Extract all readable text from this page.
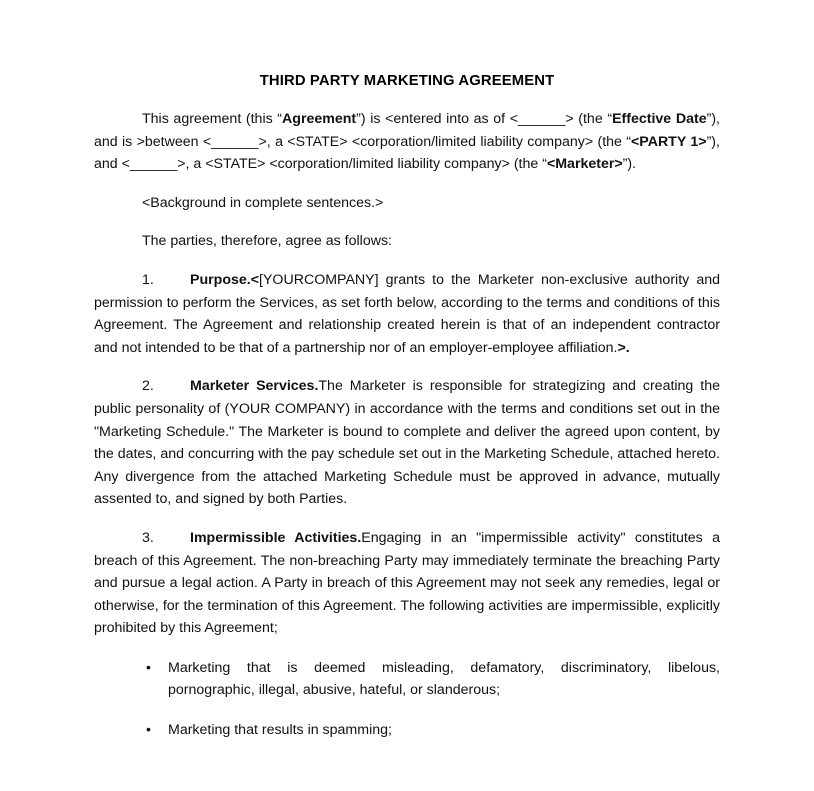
THIRD PARTY MARKETING AGREEMENT

This agreement (this “Agreement”) is <entered into as of <______> (the “Effective Date”), and is >between <______>, a <STATE> <corporation/limited liability company> (the “<PARTY 1>”), and <______>, a <STATE> <corporation/limited liability company> (the “<Marketer>”).

<Background in complete sentences.>

The parties, therefore, agree as follows:

1.	Purpose.<[YOURCOMPANY] grants to the Marketer non-exclusive authority and permission to perform the Services, as set forth below, according to the terms and conditions of this Agreement. The Agreement and relationship created herein is that of an independent contractor and not intended to be that of a partnership nor of an employer-employee affiliation.>.

2.	Marketer Services.The Marketer is responsible for strategizing and creating the public personality of (YOUR COMPANY) in accordance with the terms and conditions set out in the "Marketing Schedule." The Marketer is bound to complete and deliver the agreed upon content, by the dates, and concurring with the pay schedule set out in the Marketing Schedule, attached hereto. Any divergence from the attached Marketing Schedule must be approved in advance, mutually assented to, and signed by both Parties.

3.	Impermissible Activities.Engaging in an "impermissible activity" constitutes a breach of this Agreement. The non-breaching Party may immediately terminate the breaching Party and pursue a legal action. A Party in breach of this Agreement may not seek any remedies, legal or otherwise, for the termination of this Agreement. The following activities are impermissible, explicitly prohibited by this Agreement;

• Marketing that is deemed misleading, defamatory, discriminatory, libelous, pornographic, illegal, abusive, hateful, or slanderous;
• Marketing that results in spamming;
